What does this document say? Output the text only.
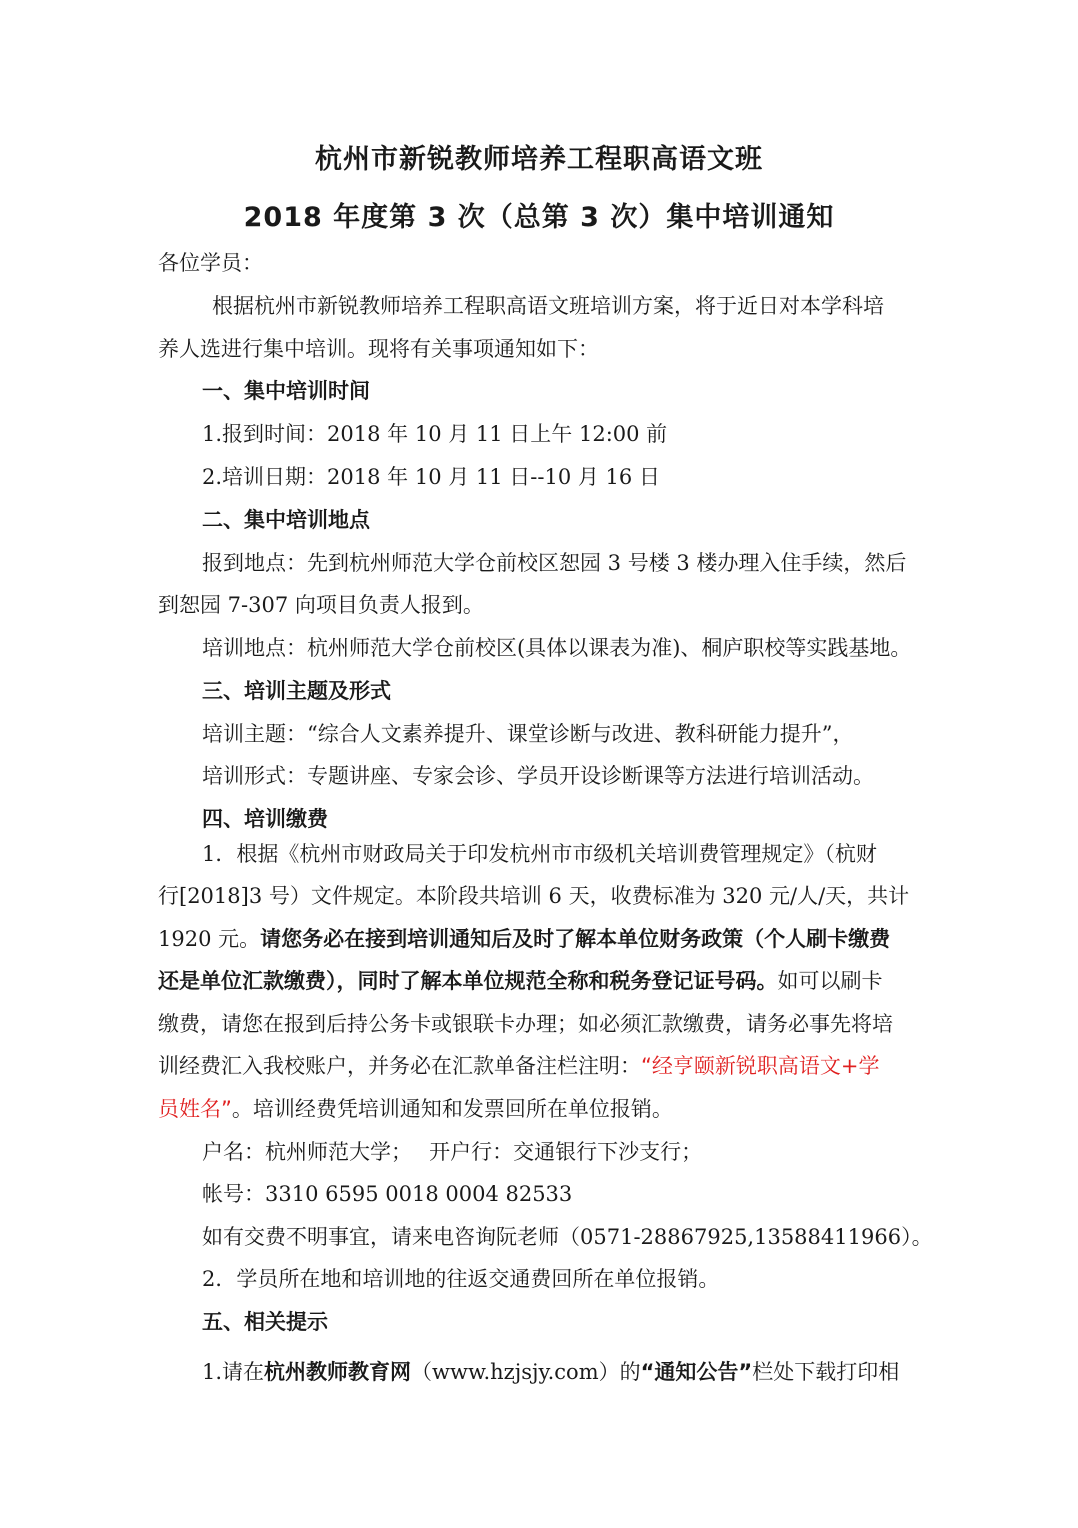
杭州市新锐教师培养工程职高语文班
2018 年度第 3 次（总第 3 次）集中培训通知
各位学员：
根据杭州市新锐教师培养工程职高语文班培训方案，将于近日对本学科培
养人选进行集中培训。现将有关事项通知如下：
一、集中培训时间
1.报到时间：2018 年 10 月 11 日上午 12:00 前
2.培训日期：2018 年 10 月 11 日--10 月 16 日
二、集中培训地点
报到地点：先到杭州师范大学仓前校区恕园 3 号楼 3 楼办理入住手续，然后
到恕园 7-307 向项目负责人报到。
培训地点：杭州师范大学仓前校区(具体以课表为准)、桐庐职校等实践基地。
三、培训主题及形式
培训主题：“综合人文素养提升、课堂诊断与改进、教科研能力提升”，
培训形式：专题讲座、专家会诊、学员开设诊断课等方法进行培训活动。
四、培训缴费
1．根据《杭州市财政局关于印发杭州市市级机关培训费管理规定》（杭财
行[2018]3 号）文件规定。本阶段共培训 6 天，收费标准为 320 元/人/天，共计
1920 元。请您务必在接到培训通知后及时了解本单位财务政策（个人刷卡缴费
还是单位汇款缴费），同时了解本单位规范全称和税务登记证号码。如可以刷卡
缴费，请您在报到后持公务卡或银联卡办理；如必须汇款缴费，请务必事先将培
训经费汇入我校账户，并务必在汇款单备注栏注明：“经亨颐新锐职高语文+学
员姓名”。培训经费凭培训通知和发票回所在单位报销。
户名：杭州师范大学；　 开户行：交通银行下沙支行；
帐号：3310 6595 0018 0004 82533
如有交费不明事宜，请来电咨询阮老师（0571-28867925,13588411966）。
2．学员所在地和培训地的往返交通费回所在单位报销。
五、相关提示
1.请在杭州教师教育网（www.hzjsjy.com）的“通知公告”栏处下载打印相
